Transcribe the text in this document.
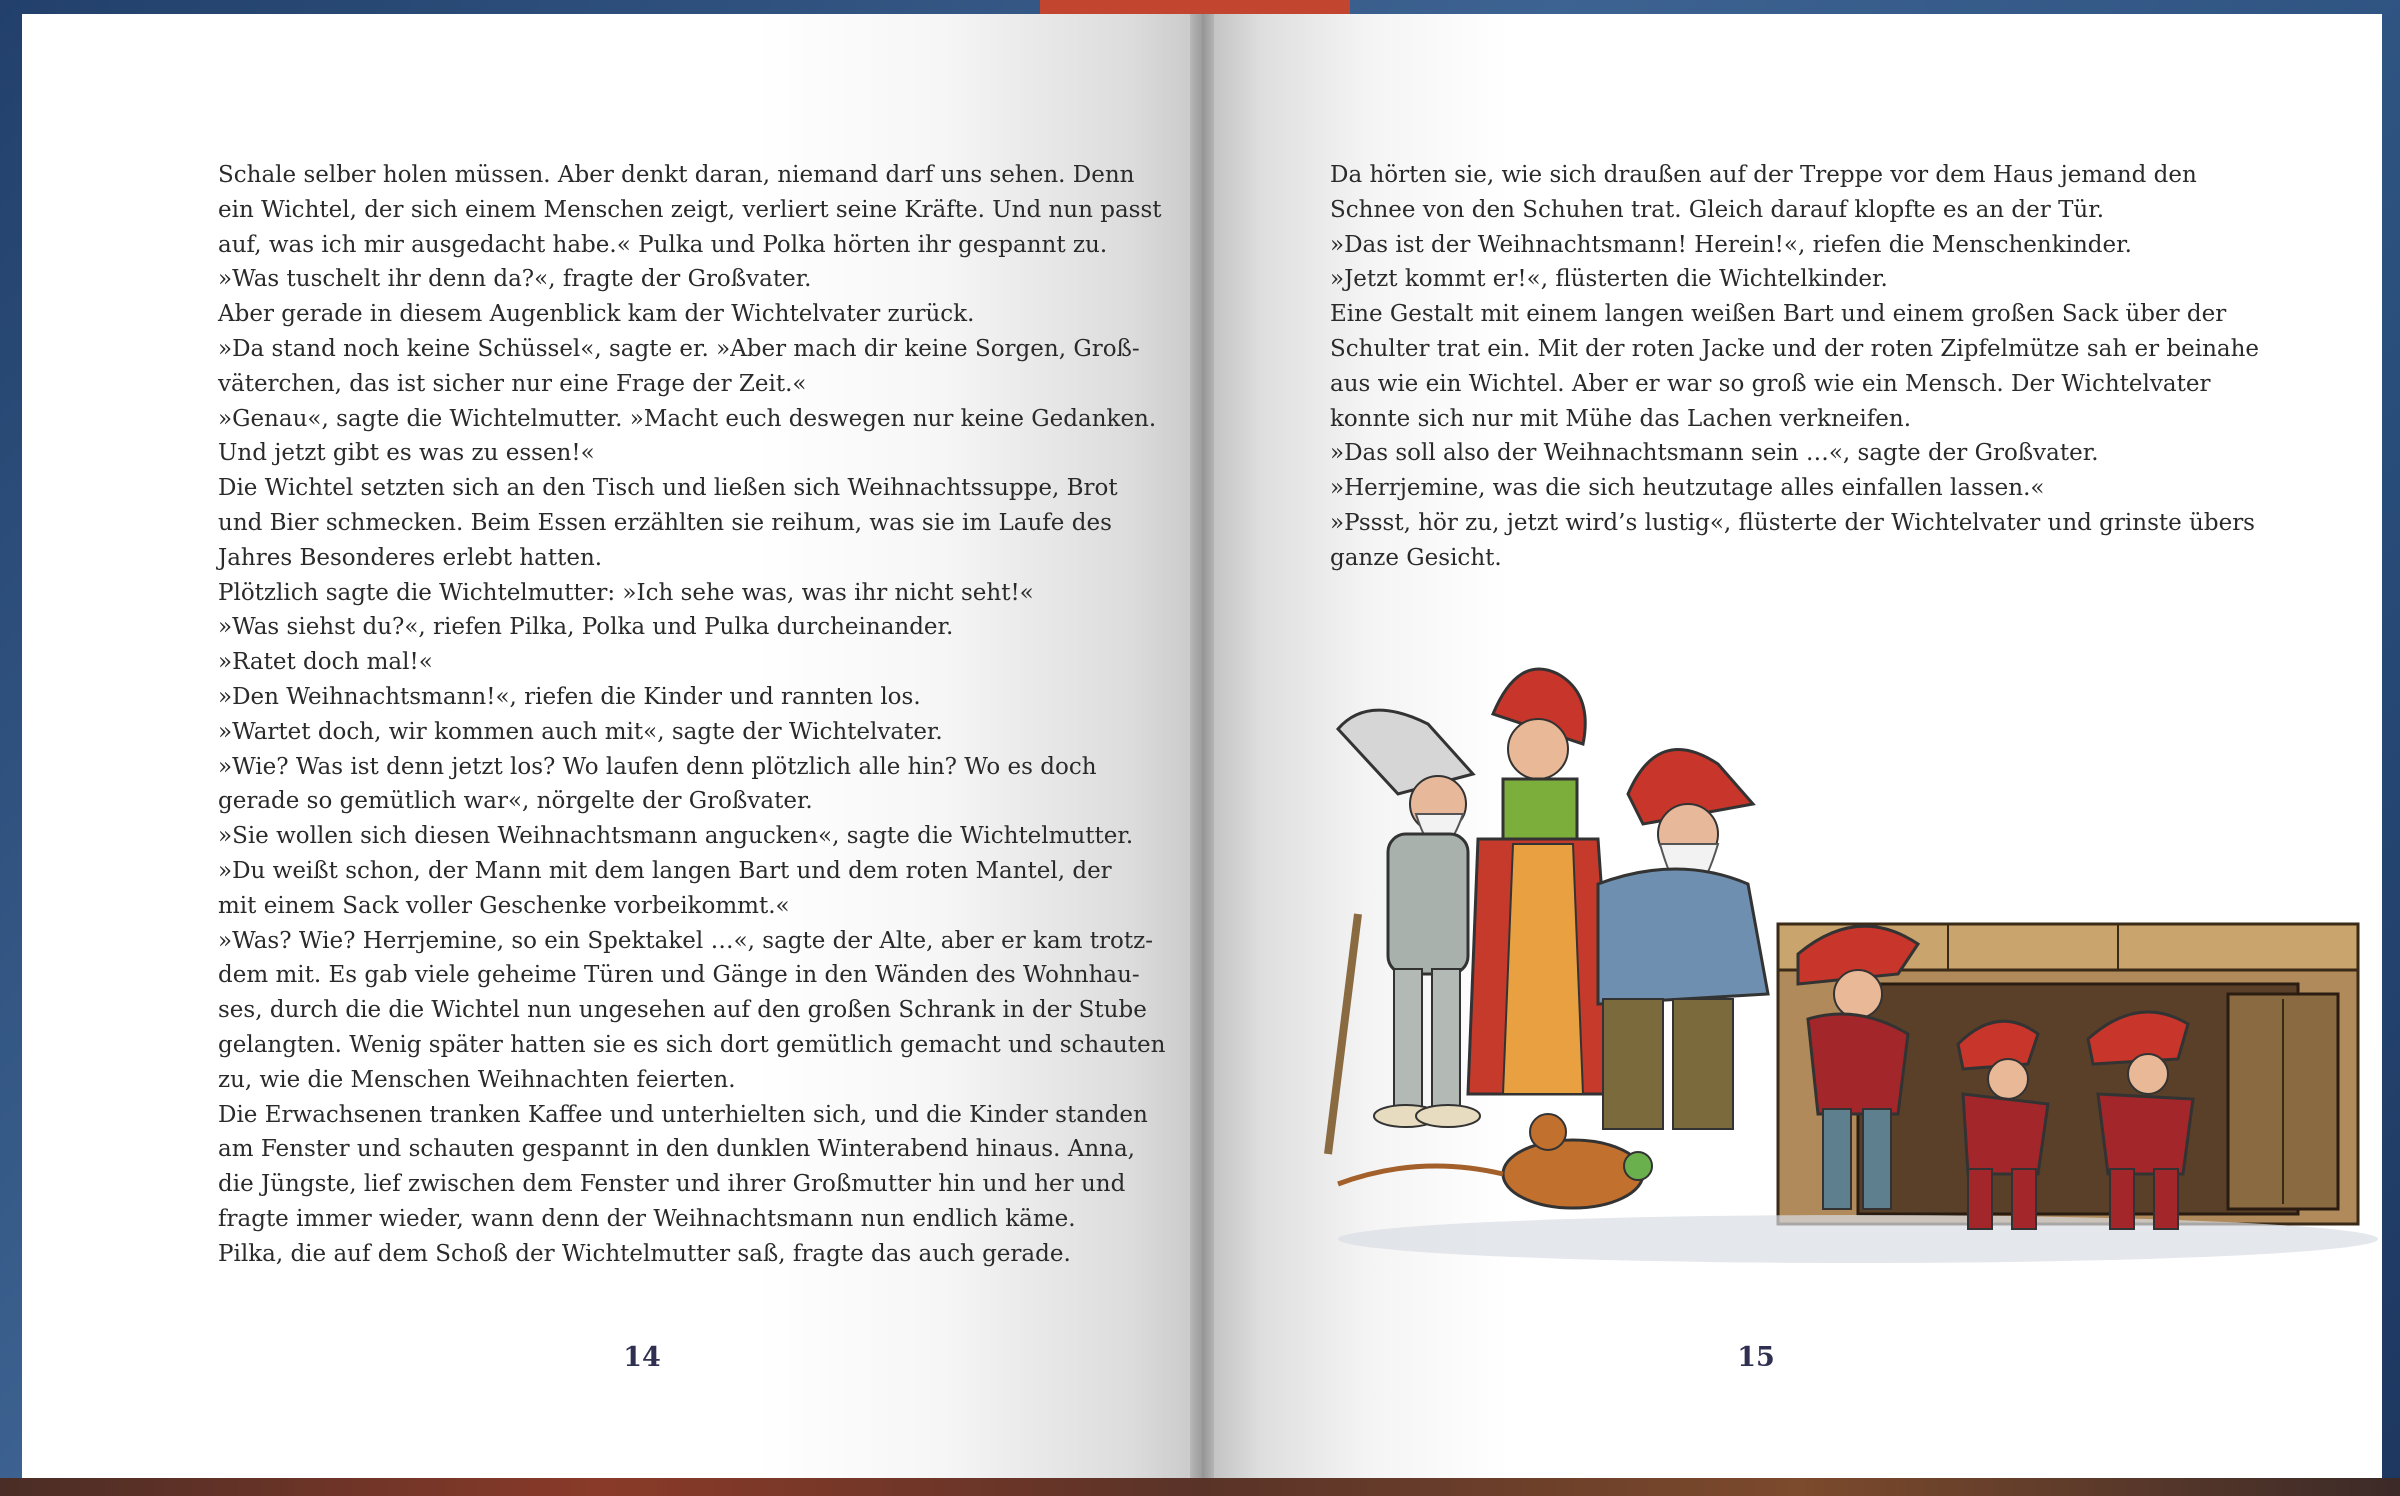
Schale selber holen müssen. Aber denkt daran, niemand darf uns sehen. Denn
ein Wichtel, der sich einem Menschen zeigt, verliert seine Kräfte. Und nun passt
auf, was ich mir ausgedacht habe.« Pulka und Polka hörten ihr gespannt zu.
»Was tuschelt ihr denn da?«, fragte der Großvater.
Aber gerade in diesem Augenblick kam der Wichtelvater zurück.
»Da stand noch keine Schüssel«, sagte er. »Aber mach dir keine Sorgen, Groß-
väterchen, das ist sicher nur eine Frage der Zeit.«
»Genau«, sagte die Wichtelmutter. »Macht euch deswegen nur keine Gedanken.
Und jetzt gibt es was zu essen!«
Die Wichtel setzten sich an den Tisch und ließen sich Weihnachtssuppe, Brot
und Bier schmecken. Beim Essen erzählten sie reihum, was sie im Laufe des
Jahres Besonderes erlebt hatten.
Plötzlich sagte die Wichtelmutter: »Ich sehe was, was ihr nicht seht!«
»Was siehst du?«, riefen Pilka, Polka und Pulka durcheinander.
»Ratet doch mal!«
»Den Weihnachtsmann!«, riefen die Kinder und rannten los.
»Wartet doch, wir kommen auch mit«, sagte der Wichtelvater.
»Wie? Was ist denn jetzt los? Wo laufen denn plötzlich alle hin? Wo es doch
gerade so gemütlich war«, nörgelte der Großvater.
»Sie wollen sich diesen Weihnachtsmann angucken«, sagte die Wichtelmutter.
»Du weißt schon, der Mann mit dem langen Bart und dem roten Mantel, der
mit einem Sack voller Geschenke vorbeikommt.«
»Was? Wie? Herrjemine, so ein Spektakel …«, sagte der Alte, aber er kam trotz-
dem mit. Es gab viele geheime Türen und Gänge in den Wänden des Wohnhau-
ses, durch die die Wichtel nun ungesehen auf den großen Schrank in der Stube
gelangten. Wenig später hatten sie es sich dort gemütlich gemacht und schauten
zu, wie die Menschen Weihnachten feierten.
Die Erwachsenen tranken Kaffee und unterhielten sich, und die Kinder standen
am Fenster und schauten gespannt in den dunklen Winterabend hinaus. Anna,
die Jüngste, lief zwischen dem Fenster und ihrer Großmutter hin und her und
fragte immer wieder, wann denn der Weihnachtsmann nun endlich käme.
Pilka, die auf dem Schoß der Wichtelmutter saß, fragte das auch gerade.
14
Da hörten sie, wie sich draußen auf der Treppe vor dem Haus jemand den
Schnee von den Schuhen trat. Gleich darauf klopfte es an der Tür.
»Das ist der Weihnachtsmann! Herein!«, riefen die Menschenkinder.
»Jetzt kommt er!«, flüsterten die Wichtelkinder.
Eine Gestalt mit einem langen weißen Bart und einem großen Sack über der
Schulter trat ein. Mit der roten Jacke und der roten Zipfelmütze sah er beinahe
aus wie ein Wichtel. Aber er war so groß wie ein Mensch. Der Wichtelvater
konnte sich nur mit Mühe das Lachen verkneifen.
»Das soll also der Weihnachtsmann sein …«, sagte der Großvater.
»Herrjemine, was die sich heutzutage alles einfallen lassen.«
»Pssst, hör zu, jetzt wird’s lustig«, flüsterte der Wichtelvater und grinste übers
ganze Gesicht.
15
